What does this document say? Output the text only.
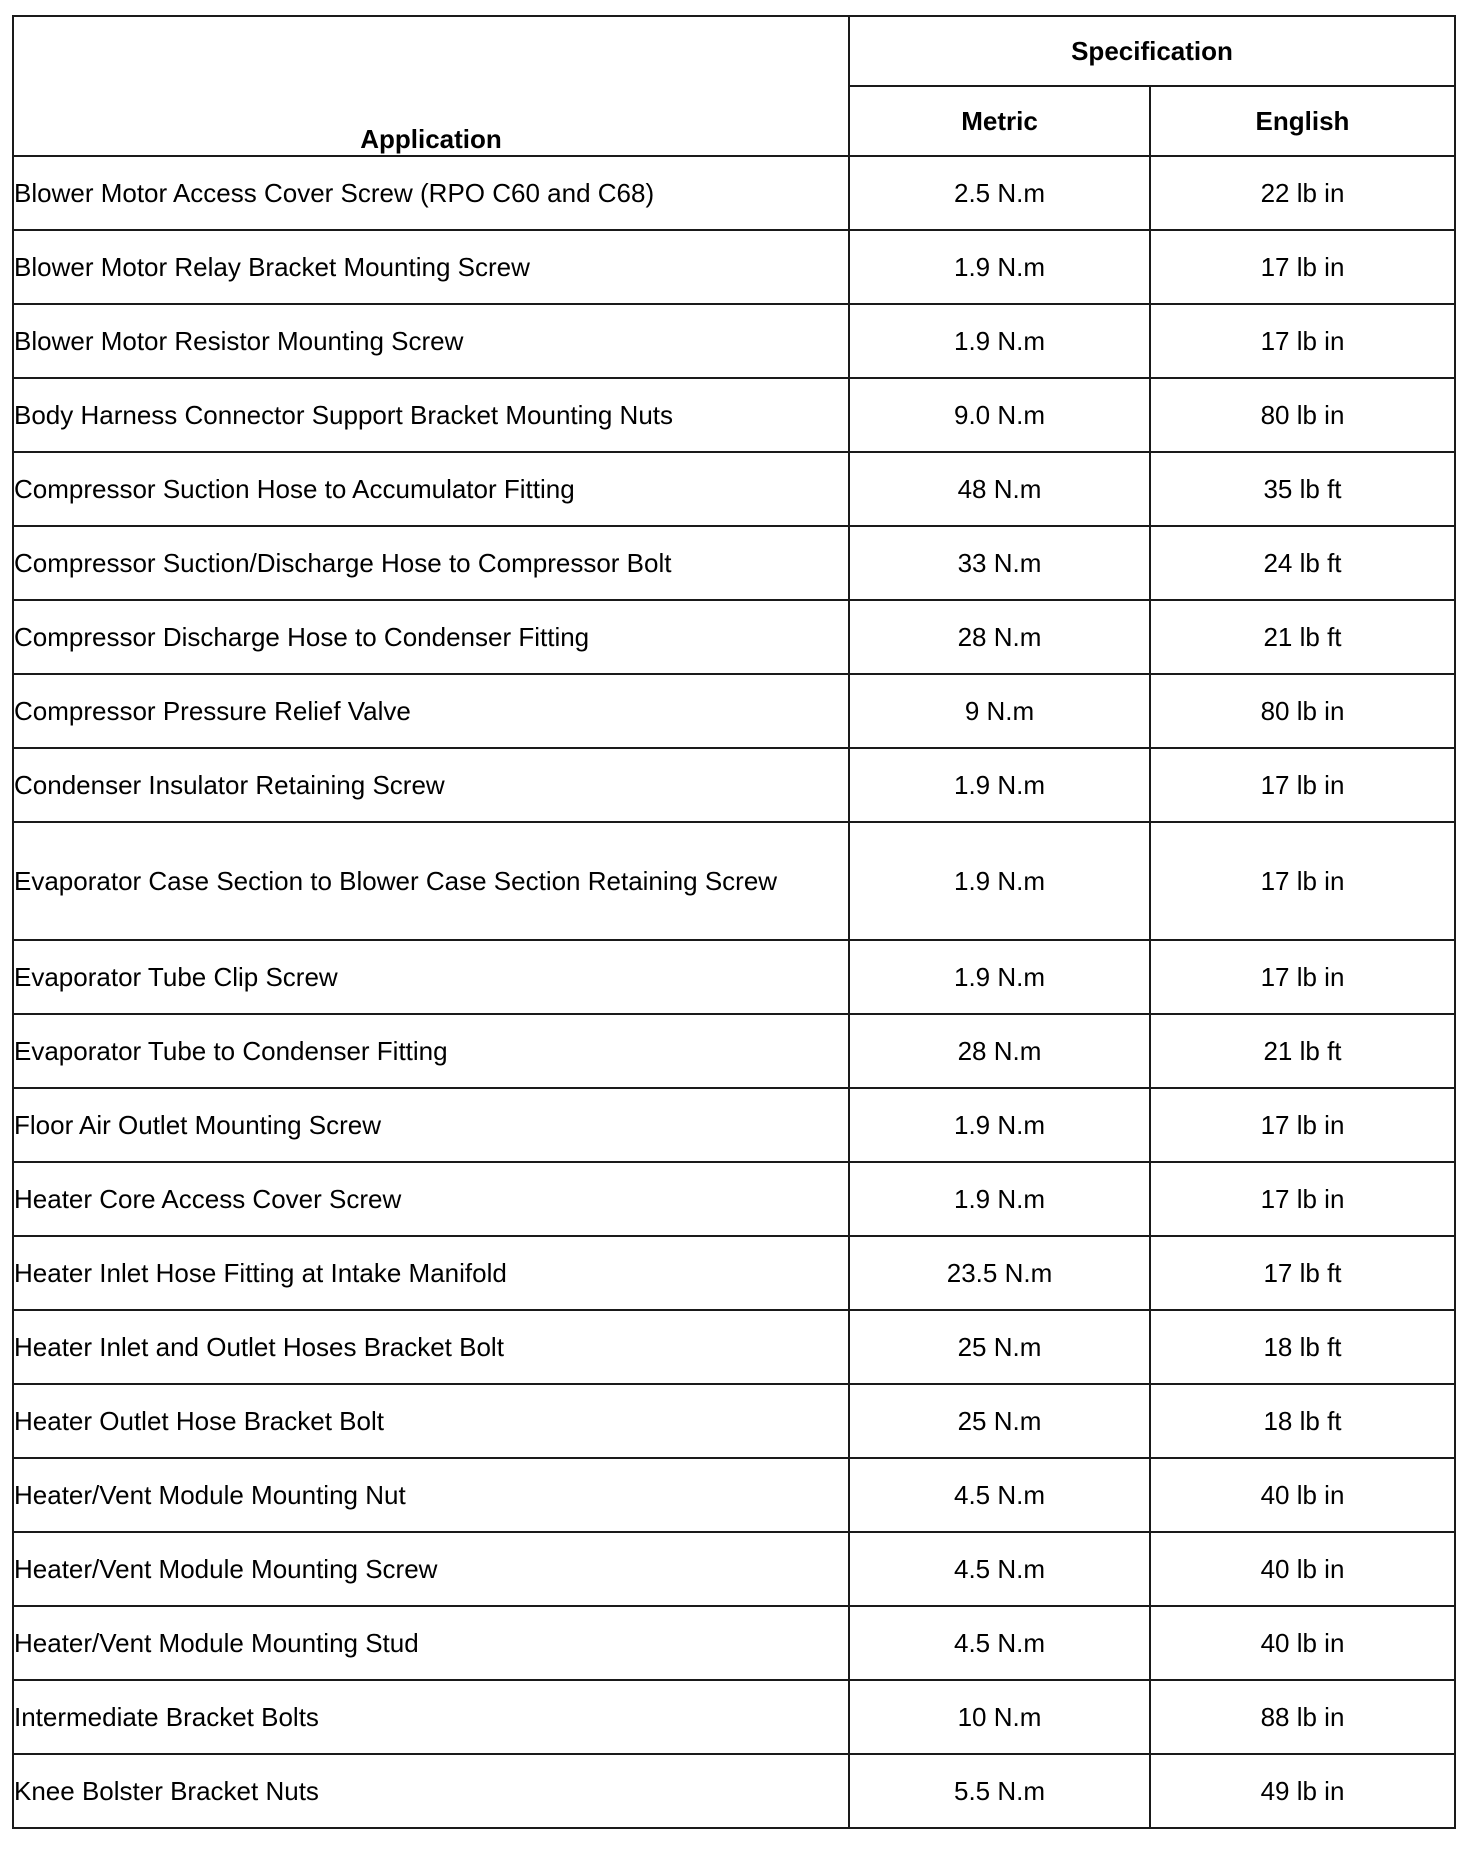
Application	Specification	
	Metric	English
Blower Motor Access Cover Screw (RPO C60 and C68)	2.5 N.m	22 lb in
Blower Motor Relay Bracket Mounting Screw	1.9 N.m	17 lb in
Blower Motor Resistor Mounting Screw	1.9 N.m	17 lb in
Body Harness Connector Support Bracket Mounting Nuts	9.0 N.m	80 lb in
Compressor Suction Hose to Accumulator Fitting	48 N.m	35 lb ft
Compressor Suction/Discharge Hose to Compressor Bolt	33 N.m	24 lb ft
Compressor Discharge Hose to Condenser Fitting	28 N.m	21 lb ft
Compressor Pressure Relief Valve	9 N.m	80 lb in
Condenser Insulator Retaining Screw	1.9 N.m	17 lb in
Evaporator Case Section to Blower Case Section Retaining Screw	1.9 N.m	17 lb in
Evaporator Tube Clip Screw	1.9 N.m	17 lb in
Evaporator Tube to Condenser Fitting	28 N.m	21 lb ft
Floor Air Outlet Mounting Screw	1.9 N.m	17 lb in
Heater Core Access Cover Screw	1.9 N.m	17 lb in
Heater Inlet Hose Fitting at Intake Manifold	23.5 N.m	17 lb ft
Heater Inlet and Outlet Hoses Bracket Bolt	25 N.m	18 lb ft
Heater Outlet Hose Bracket Bolt	25 N.m	18 lb ft
Heater/Vent Module Mounting Nut	4.5 N.m	40 lb in
Heater/Vent Module Mounting Screw	4.5 N.m	40 lb in
Heater/Vent Module Mounting Stud	4.5 N.m	40 lb in
Intermediate Bracket Bolts	10 N.m	88 lb in
Knee Bolster Bracket Nuts	5.5 N.m	49 lb in
